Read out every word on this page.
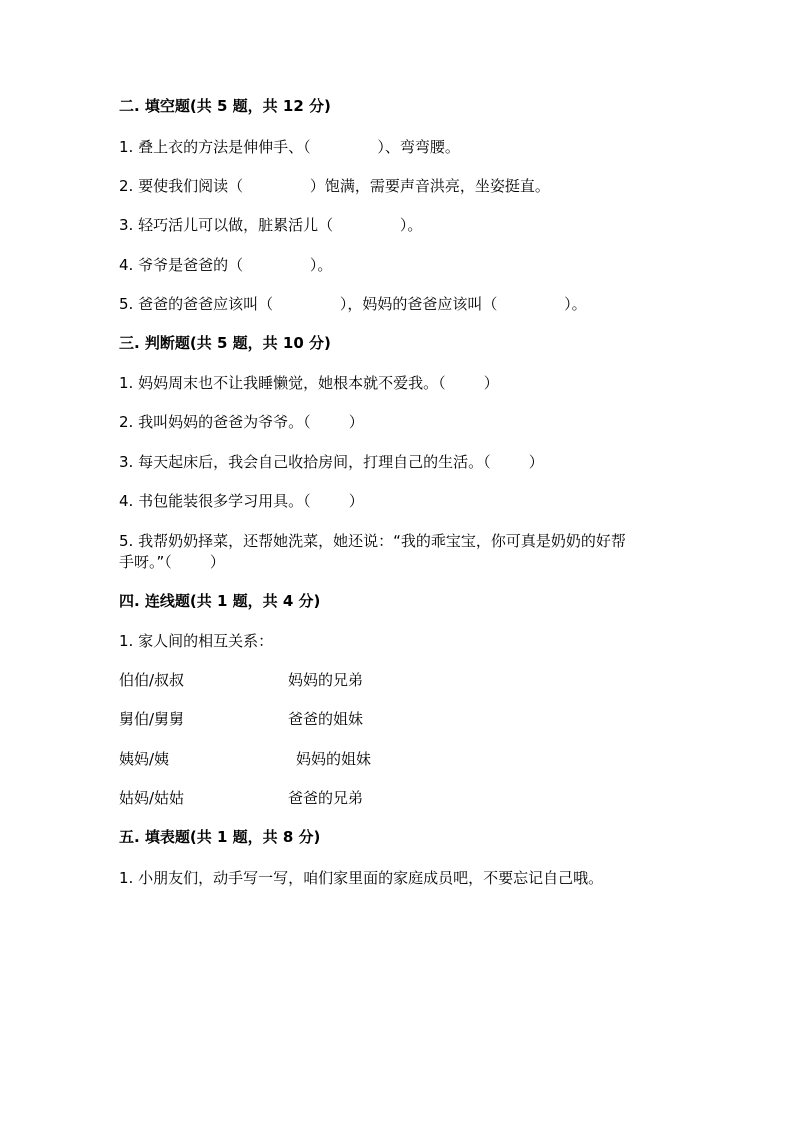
二. 填空题(共 5 题，共 12 分)
1. 叠上衣的方法是伸伸手、（              ）、弯弯腰。
2. 要使我们阅读（              ）饱满，需要声音洪亮，坐姿挺直。
3. 轻巧活儿可以做，脏累活儿（              ）。
4. 爷爷是爸爸的（              ）。
5. 爸爸的爸爸应该叫（              ），妈妈的爸爸应该叫（              ）。
三. 判断题(共 5 题，共 10 分)
1. 妈妈周末也不让我睡懒觉，她根本就不爱我。（        ）
2. 我叫妈妈的爸爸为爷爷。（        ）
3. 每天起床后，我会自己收拾房间，打理自己的生活。（        ）
4. 书包能装很多学习用具。（        ）
5. 我帮奶奶择菜，还帮她洗菜，她还说：“我的乖宝宝，你可真是奶奶的好帮
手呀。”（        ）
四. 连线题(共 1 题，共 4 分)
1. 家人间的相互关系：
伯伯/叔叔	妈妈的兄弟
舅伯/舅舅	爸爸的姐妹
姨妈/姨	妈妈的姐妹
姑妈/姑姑	爸爸的兄弟
五. 填表题(共 1 题，共 8 分)
1. 小朋友们，动手写一写，咱们家里面的家庭成员吧，不要忘记自己哦。
